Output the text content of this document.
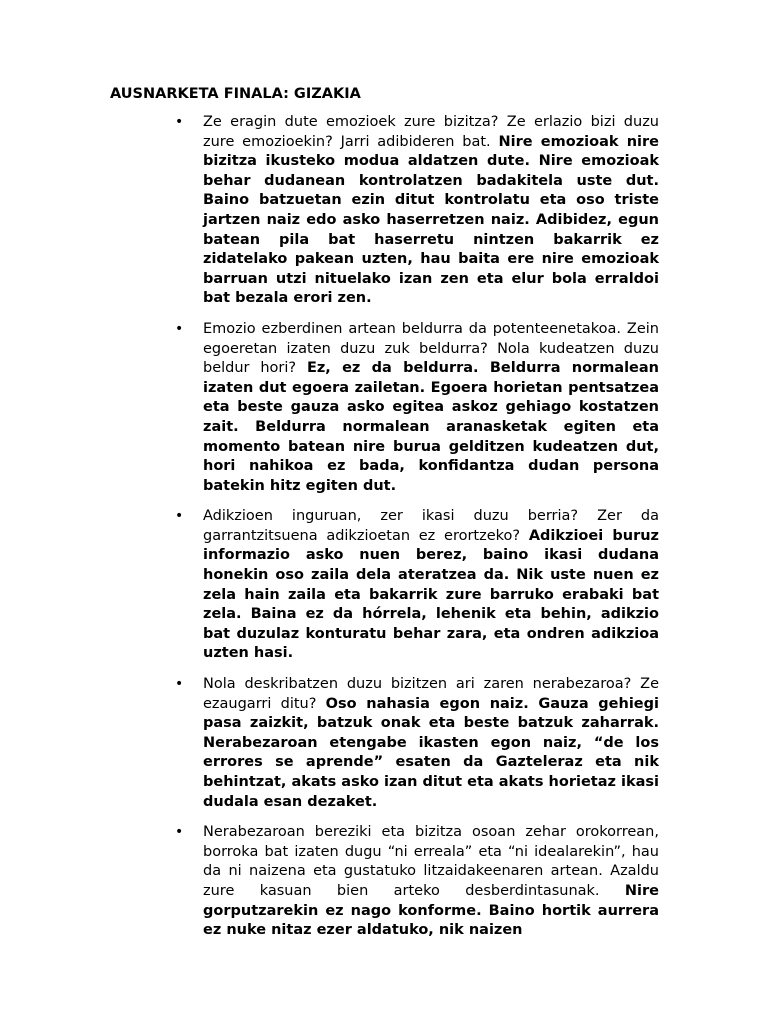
AUSNARKETA FINALA: GIZAKIA
• Ze eragin dute emozioek zure bizitza? Ze erlazio bizi duzu zure emozioekin? Jarri adibideren bat. Nire emozioak nire bizitza ikusteko modua aldatzen dute. Nire emozioak behar dudanean kontrolatzen badakitela uste dut. Baino batzuetan ezin ditut kontrolatu eta oso triste jartzen naiz edo asko haserretzen naiz. Adibidez, egun batean pila bat haserretu nintzen bakarrik ez zidatelako pakean uzten, hau baita ere nire emozioak barruan utzi nituelako izan zen eta elur bola erraldoi bat bezala erori zen.
• Emozio ezberdinen artean beldurra da potenteenetakoa. Zein egoeretan izaten duzu zuk beldurra? Nola kudeatzen duzu beldur hori? Ez, ez da beldurra. Beldurra normalean izaten dut egoera zailetan. Egoera horietan pentsatzea eta beste gauza asko egitea askoz gehiago kostatzen zait. Beldurra normalean aranasketak egiten eta momento batean nire burua gelditzen kudeatzen dut, hori nahikoa ez bada, konfidantza dudan persona batekin hitz egiten dut.
• Adikzioen inguruan, zer ikasi duzu berria? Zer da garrantzitsuena adikzioetan ez erortzeko? Adikzioei buruz informazio asko nuen berez, baino ikasi dudana honekin oso zaila dela ateratzea da. Nik uste nuen ez zela hain zaila eta bakarrik zure barruko erabaki bat zela. Baina ez da hórrela, lehenik eta behin, adikzio bat duzulaz konturatu behar zara, eta ondren adikzioa uzten hasi.
• Nola deskribatzen duzu bizitzen ari zaren nerabezaroa? Ze ezaugarri ditu? Oso nahasia egon naiz. Gauza gehiegi pasa zaizkit, batzuk onak eta beste batzuk zaharrak. Nerabezaroan etengabe ikasten egon naiz, “de los errores se aprende” esaten da Gazteleraz eta nik behintzat, akats asko izan ditut eta akats horietaz ikasi dudala esan dezaket.
• Nerabezaroan bereziki eta bizitza osoan zehar orokorrean, borroka bat izaten dugu “ni erreala” eta “ni idealarekin”, hau da ni naizena eta gustatuko litzaidakeenaren artean. Azaldu zure kasuan bien arteko desberdintasunak. Nire gorputzarekin ez nago konforme. Baino hortik aurrera ez nuke nitaz ezer aldatuko, nik naizen
